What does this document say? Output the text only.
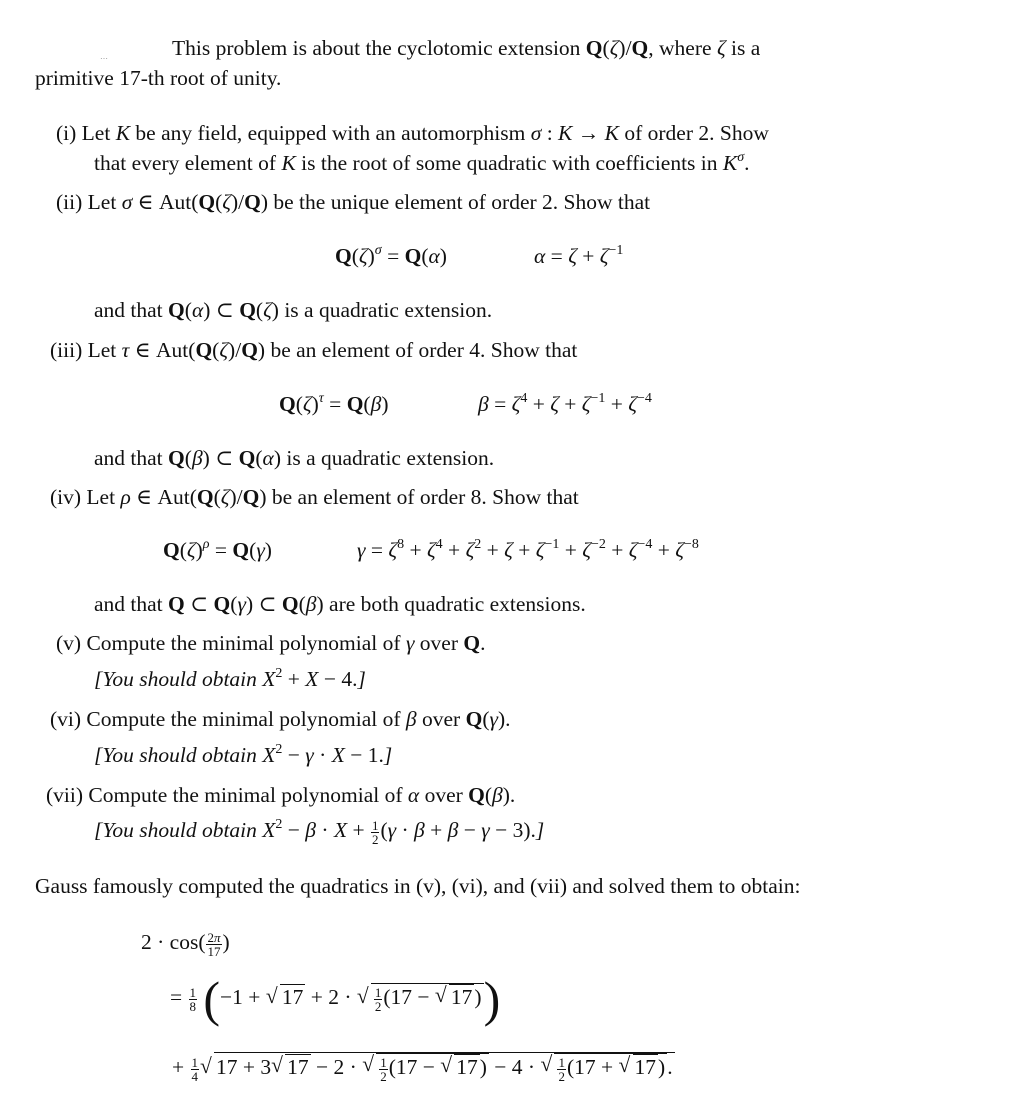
⋯	This problem is about the cyclotomic extension Q(ζ)/Q, where ζ is a
primitive 17-th root of unity.
(i) Let K be any field, equipped with an automorphism σ : K → K of order 2. Show
that every element of K is the root of some quadratic with coefficients in $K^\sigma$.
(ii) Let σ ∈ Aut(Q(ζ)/Q) be the unique element of order 2. Show that
$Q(\zeta)^\sigma = Q(\alpha)$	$\alpha = \zeta + \zeta^{-1}$
and that Q(α) ⊂ Q(ζ) is a quadratic extension.
(iii) Let τ ∈ Aut(Q(ζ)/Q) be an element of order 4. Show that
$Q(\zeta)^\tau = Q(\beta)$	$\beta = \zeta^4 + \zeta + \zeta^{-1} + \zeta^{-4}$
and that Q(β) ⊂ Q(α) is a quadratic extension.
(iv) Let ρ ∈ Aut(Q(ζ)/Q) be an element of order 8. Show that
$Q(\zeta)^\rho = Q(\gamma)$	$\gamma = \zeta^8 + \zeta^4 + \zeta^2 + \zeta + \zeta^{-1} + \zeta^{-2} + \zeta^{-4} + \zeta^{-8}$
and that Q ⊂ Q(γ) ⊂ Q(β) are both quadratic extensions.
(v) Compute the minimal polynomial of γ over Q.
[You should obtain $X^2 + X - 4$.]
(vi) Compute the minimal polynomial of β over Q(γ).
[You should obtain $X^2 - \gamma \cdot X - 1$.]
(vii) Compute the minimal polynomial of α over Q(β).
[You should obtain $X^2 - \beta \cdot X + \frac{1}{2} (\gamma \cdot \beta + \beta - \gamma - 3)$.]
Gauss famously computed the quadratics in (v), (vi), and (vii) and solved them to obtain:
$2 \cdot \cos( \frac{2\pi}{17}$ )
= $\frac{1}{8} (-1$ + √ 17 + 2 · √ $\frac{1}{2} (17$ − √ 17))
+ $\frac{1}{4}$ √ 17 + 3 √ 17 − 2 · √ $\frac{1}{2} (17$ − √ 17) − 4 · √ $\frac{1}{2} (17$ + √ 17).
